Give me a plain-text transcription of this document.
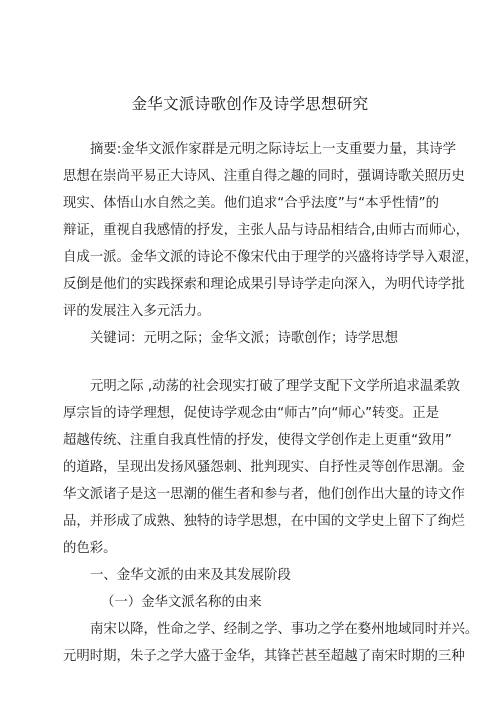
金华文派诗歌创作及诗学思想研究
摘要:金华文派作家群是元明之际诗坛上一支重要力量，其诗学
思想在崇尚平易正大诗风、注重自得之趣的同时，强调诗歌关照历史
现实、体悟山水自然之美。他们追求“合乎法度”与“本乎性情”的
辩证，重视自我感情的抒发，主张人品与诗品相结合,由师古而师心，
自成一派。金华文派的诗论不像宋代由于理学的兴盛将诗学导入艰涩，
反倒是他们的实践探索和理论成果引导诗学走向深入，为明代诗学批
评的发展注入多元活力。
关键词：元明之际；金华文派；诗歌创作；诗学思想
元明之际 ,动荡的社会现实打破了理学支配下文学所追求温柔敦
厚宗旨的诗学理想，促使诗学观念由“师古”向“师心”转变。正是
超越传统、注重自我真性情的抒发，使得文学创作走上更重“致用”
的道路，呈现出发扬风骚怨刺、批判现实、自抒性灵等创作思潮。金
华文派诸子是这一思潮的催生者和参与者，他们创作出大量的诗文作
品，并形成了成熟、独特的诗学思想，在中国的文学史上留下了绚烂
的色彩。
一、金华文派的由来及其发展阶段
（一）金华文派名称的由来
南宋以降，性命之学、经制之学、事功之学在婺州地域同时并兴。
元明时期，朱子之学大盛于金华，其锋芒甚至超越了南宋时期的三种
